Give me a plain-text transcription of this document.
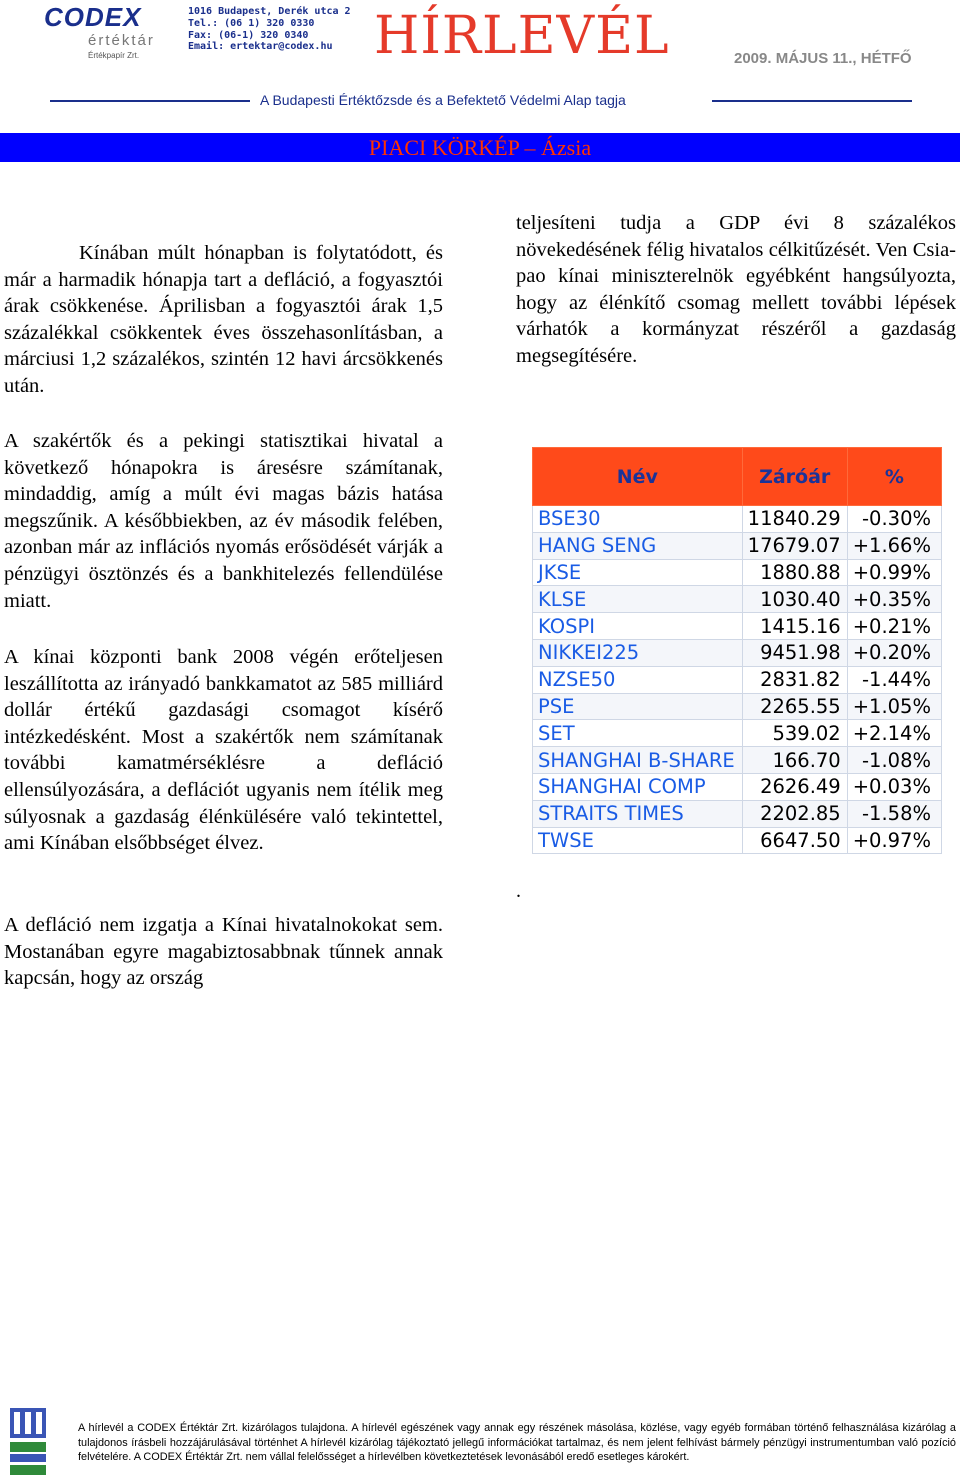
CODEX
értéktár
Értékpapír Zrt.
1016 Budapest, Derék utca 2
Tel.: (06 1) 320 0330
Fax: (06-1) 320 0340
Email: ertektar@codex.hu HÍRLEVÉL	2009. MÁJUS 11., HÉTFŐ
A Budapesti Értéktőzsde és a Befektető Védelmi Alap tagja
PIACI KÖRKÉP – Ázsia
Kínában múlt hónapban is folytatódott, és már a harmadik hónapja tart a defláció, a fogyasztói árak csökkenése. Áprilisban a fogyasztói árak 1,5 százalékkal csökkentek éves összehasonlításban, a márciusi 1,2 százalékos, szintén 12 havi árcsökkenés után.
A szakértők és a pekingi statisztikai hivatal a következő hónapokra is áresésre számítanak, mindaddig, amíg a múlt évi magas bázis hatása megszűnik. A későbbiekben, az év második felében, azonban már az inflációs nyomás erősödését várják a pénzügyi ösztönzés és a bankhitelezés fellendülése miatt.
A kínai központi bank 2008 végén erőteljesen leszállította az irányadó bankkamatot az 585 milliárd dollár értékű gazdasági csomagot kísérő intézkedésként. Most a szakértők nem számítanak további kamatmérséklésre a defláció ellensúlyozására, a deflációt ugyanis nem ítélik meg súlyosnak a gazdaság élénkülésére való tekintettel, ami Kínában elsőbbséget élvez.
A defláció nem izgatja a Kínai hivatalnokokat sem. Mostanában egyre magabiztosabbnak tűnnek annak kapcsán, hogy az ország
teljesíteni tudja a GDP évi 8 százalékos növekedésének félig hivatalos célkitűzését. Ven Csia-pao kínai miniszterelnök egyébként hangsúlyozta, hogy az élénkítő csomag mellett további lépések várhatók a kormányzat részéről a gazdaság megsegítésére.
.
Név	Záróár	%
BSE30	11840.29	-0.30%
HANG SENG	17679.07	+1.66%
JKSE	1880.88	+0.99%
KLSE	1030.40	+0.35%
KOSPI	1415.16	+0.21%
NIKKEI225	9451.98	+0.20%
NZSE50	2831.82	-1.44%
PSE	2265.55	+1.05%
SET	539.02	+2.14%
SHANGHAI B-SHARE	166.70	-1.08%
SHANGHAI COMP	2626.49	+0.03%
STRAITS TIMES	2202.85	-1.58%
TWSE	6647.50	+0.97%
A hírlevél a CODEX Értéktár Zrt. kizárólagos tulajdona. A hírlevél egészének vagy annak egy részének másolása, közlése, vagy egyéb formában történő felhasználása kizárólag a tulajdonos írásbeli hozzájárulásával történhet A hírlevél kizárólag tájékoztató jellegű információkat tartalmaz, és nem jelent felhívást bármely pénzügyi instrumentumban való pozíció felvételére. A CODEX Értéktár Zrt. nem vállal felelősséget a hírlevélben következtetések levonásából eredő esetleges károkért.
